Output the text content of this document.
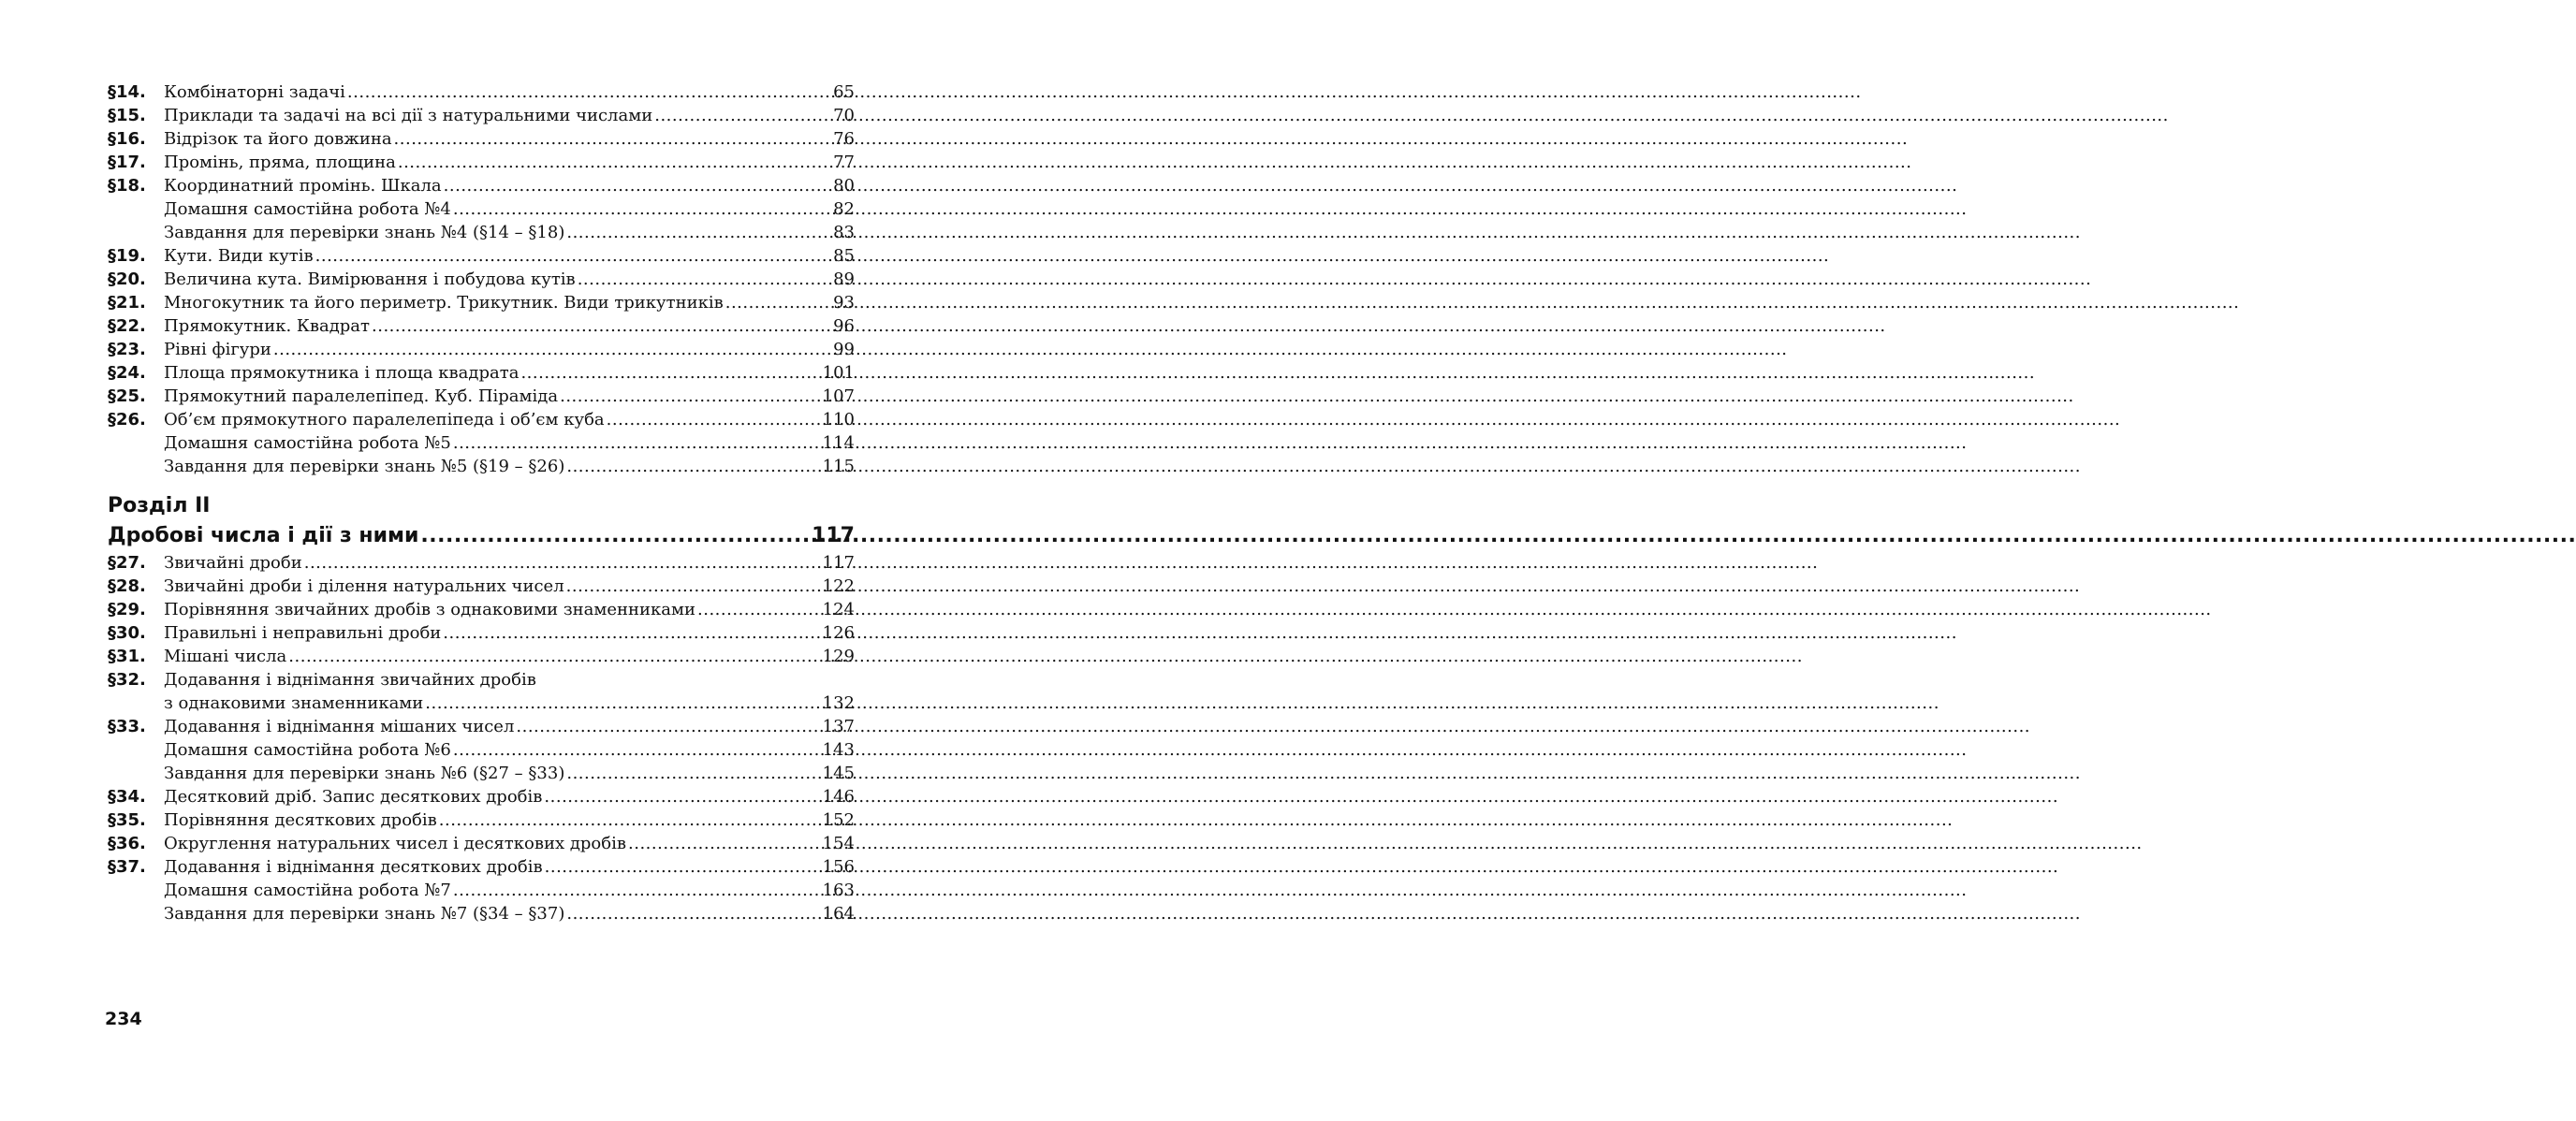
§14.	Комбінаторні задачі .....	65
§15.	Приклади та задачі на всі дії з натуральними числами .....	70
§16.	Відрізок та його довжина .....	76
§17.	Промінь, пряма, площина .....	77
§18.	Координатний промінь. Шкала .....	80
Домашня самостійна робота №4 .....	82
Завдання для перевірки знань №4 (§14 – §18) .....	83
§19.	Кути. Види кутів .....	85
§20.	Величина кута. Вимірювання і побудова кутів .....	89
§21.	Многокутник та його периметр. Трикутник. Види трикутників .....	93
§22.	Прямокутник. Квадрат .....	96
§23.	Рівні фігури .....	99
§24.	Площа прямокутника і площа квадрата .....	101
§25.	Прямокутний паралелепіпед. Куб. Піраміда .....	107
§26.	Об’єм прямокутного паралелепіпеда і об’єм куба .....	110
Домашня самостійна робота №5 .....	114
Завдання для перевірки знань №5 (§19 – §26) .....	115
Розділ II
Дробові числа і дії з ними .....	117
§27.	Звичайні дроби .....	117
§28.	Звичайні дроби і ділення натуральних чисел .....	122
§29.	Порівняння звичайних дробів з однаковими знаменниками .....	124
§30.	Правильні і неправильні дроби .....	126
§31.	Мішані числа .....	129
§32.	Додавання і віднімання звичайних дробів
з однаковими знаменниками .....	132
§33.	Додавання і віднімання мішаних чисел .....	137
Домашня самостійна робота №6 .....	143
Завдання для перевірки знань №6 (§27 – §33) .....	145
§34.	Десятковий дріб. Запис десяткових дробів .....	146
§35.	Порівняння десяткових дробів .....	152
§36.	Округлення натуральних чисел і десяткових дробів .....	154
§37.	Додавання і віднімання десяткових дробів .....	156
Домашня самостійна робота №7 .....	163
Завдання для перевірки знань №7 (§34 – §37) .....	164
234
